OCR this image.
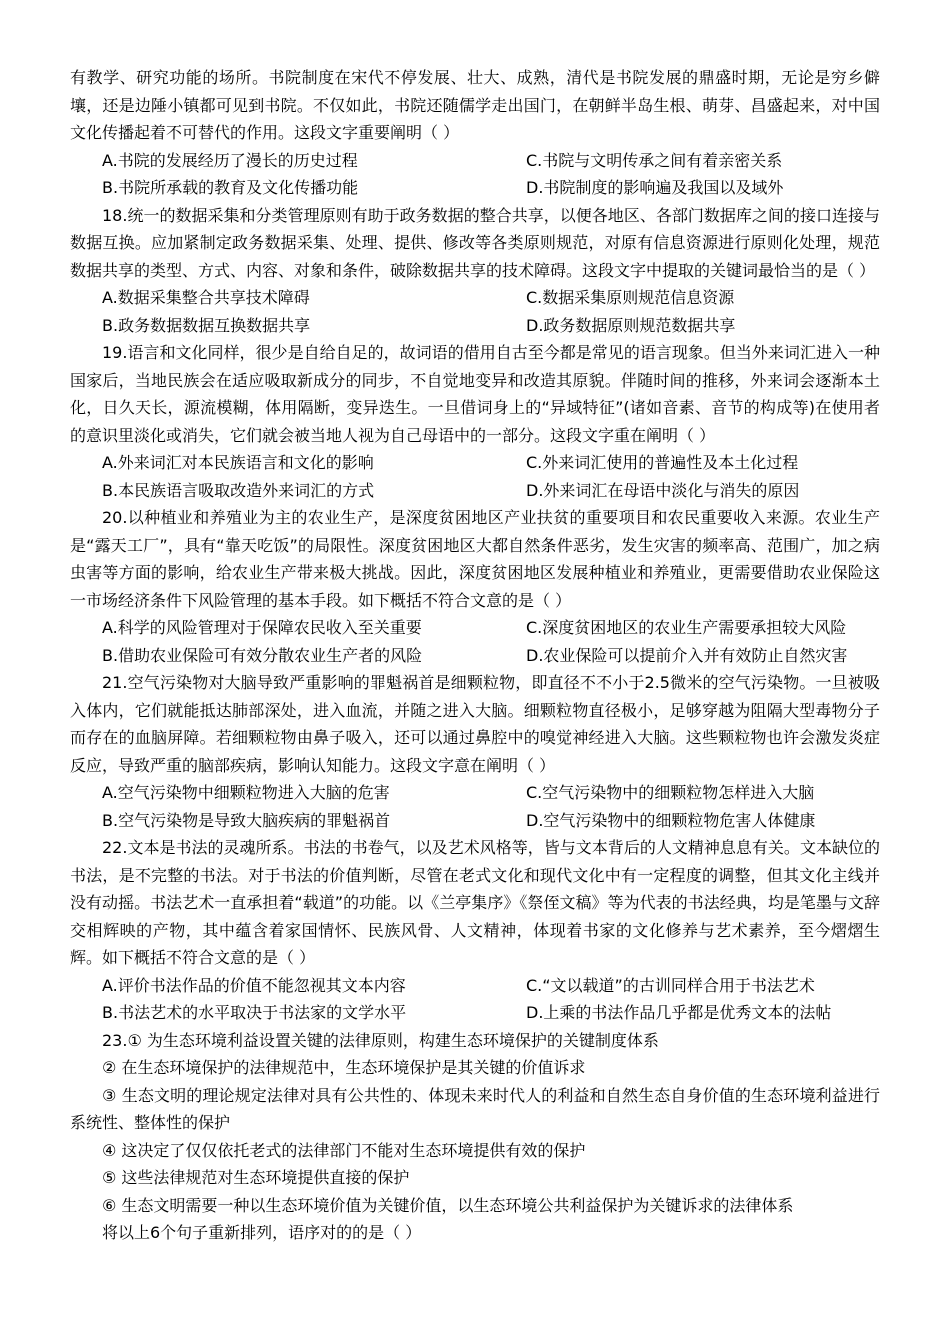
有教学、研究功能的场所。书院制度在宋代不停发展、壮大、成熟，清代是书院发展的鼎盛时期，无论是穷乡僻壤，还是边陲小镇都可见到书院。不仅如此，书院还随儒学走出国门，在朝鲜半岛生根、萌芽、昌盛起来，对中国文化传播起着不可替代的作用。这段文字重要阐明（ ）

A.书院的发展经历了漫长的历史过程	C.书院与文明传承之间有着亲密关系
B.书院所承载的教育及文化传播功能	D.书院制度的影响遍及我国以及域外

18.统一的数据采集和分类管理原则有助于政务数据的整合共享，以便各地区、各部门数据库之间的接口连接与数据互换。应加紧制定政务数据采集、处理、提供、修改等各类原则规范，对原有信息资源进行原则化处理，规范数据共享的类型、方式、内容、对象和条件，破除数据共享的技术障碍。这段文字中提取的关键词最恰当的是（ ）

A.数据采集整合共享技术障碍	C.数据采集原则规范信息资源
B.政务数据数据互换数据共享	D.政务数据原则规范数据共享

19.语言和文化同样，很少是自给自足的，故词语的借用自古至今都是常见的语言现象。但当外来词汇进入一种国家后，当地民族会在适应吸取新成分的同步，不自觉地变异和改造其原貌。伴随时间的推移，外来词会逐渐本土化，日久天长，源流模糊，体用隔断，变异迭生。一旦借词身上的“异域特征”(诸如音素、音节的构成等)在使用者的意识里淡化或消失，它们就会被当地人视为自己母语中的一部分。这段文字重在阐明（ ）

A.外来词汇对本民族语言和文化的影响	C.外来词汇使用的普遍性及本土化过程
B.本民族语言吸取改造外来词汇的方式	D.外来词汇在母语中淡化与消失的原因

20.以种植业和养殖业为主的农业生产，是深度贫困地区产业扶贫的重要项目和农民重要收入来源。农业生产是“露天工厂”，具有“靠天吃饭”的局限性。深度贫困地区大都自然条件恶劣，发生灾害的频率高、范围广，加之病虫害等方面的影响，给农业生产带来极大挑战。因此，深度贫困地区发展种植业和养殖业，更需要借助农业保险这一市场经济条件下风险管理的基本手段。如下概括不符合文意的是（ ）

A.科学的风险管理对于保障农民收入至关重要	C.深度贫困地区的农业生产需要承担较大风险
B.借助农业保险可有效分散农业生产者的风险	D.农业保险可以提前介入并有效防止自然灾害

21.空气污染物对大脑导致严重影响的罪魁祸首是细颗粒物，即直径不不小于2.5微米的空气污染物。一旦被吸入体内，它们就能抵达肺部深处，进入血流，并随之进入大脑。细颗粒物直径极小，足够穿越为阻隔大型毒物分子而存在的血脑屏障。若细颗粒物由鼻子吸入，还可以通过鼻腔中的嗅觉神经进入大脑。这些颗粒物也许会激发炎症反应，导致严重的脑部疾病，影响认知能力。这段文字意在阐明（ ）

A.空气污染物中细颗粒物进入大脑的危害	C.空气污染物中的细颗粒物怎样进入大脑
B.空气污染物是导致大脑疾病的罪魁祸首	D.空气污染物中的细颗粒物危害人体健康

22.文本是书法的灵魂所系。书法的书卷气，以及艺术风格等，皆与文本背后的人文精神息息有关。文本缺位的书法，是不完整的书法。对于书法的价值判断，尽管在老式文化和现代文化中有一定程度的调整，但其文化主线并没有动摇。书法艺术一直承担着“载道”的功能。以《兰亭集序》《祭侄文稿》等为代表的书法经典，均是笔墨与文辞交相辉映的产物，其中蕴含着家国情怀、民族风骨、人文精神，体现着书家的文化修养与艺术素养，至今熠熠生辉。如下概括不符合文意的是（ ）

A.评价书法作品的价值不能忽视其文本内容	C.“文以载道”的古训同样合用于书法艺术
B.书法艺术的水平取决于书法家的文学水平	D.上乘的书法作品几乎都是优秀文本的法帖

23.① 为生态环境利益设置关键的法律原则，构建生态环境保护的关键制度体系

② 在生态环境保护的法律规范中，生态环境保护是其关键的价值诉求

③ 生态文明的理论规定法律对具有公共性的、体现未来时代人的利益和自然生态自身价值的生态环境利益进行系统性、整体性的保护

④ 这决定了仅仅依托老式的法律部门不能对生态环境提供有效的保护

⑤ 这些法律规范对生态环境提供直接的保护

⑥ 生态文明需要一种以生态环境价值为关键价值，以生态环境公共利益保护为关键诉求的法律体系

将以上6个句子重新排列，语序对的的是（ ）
